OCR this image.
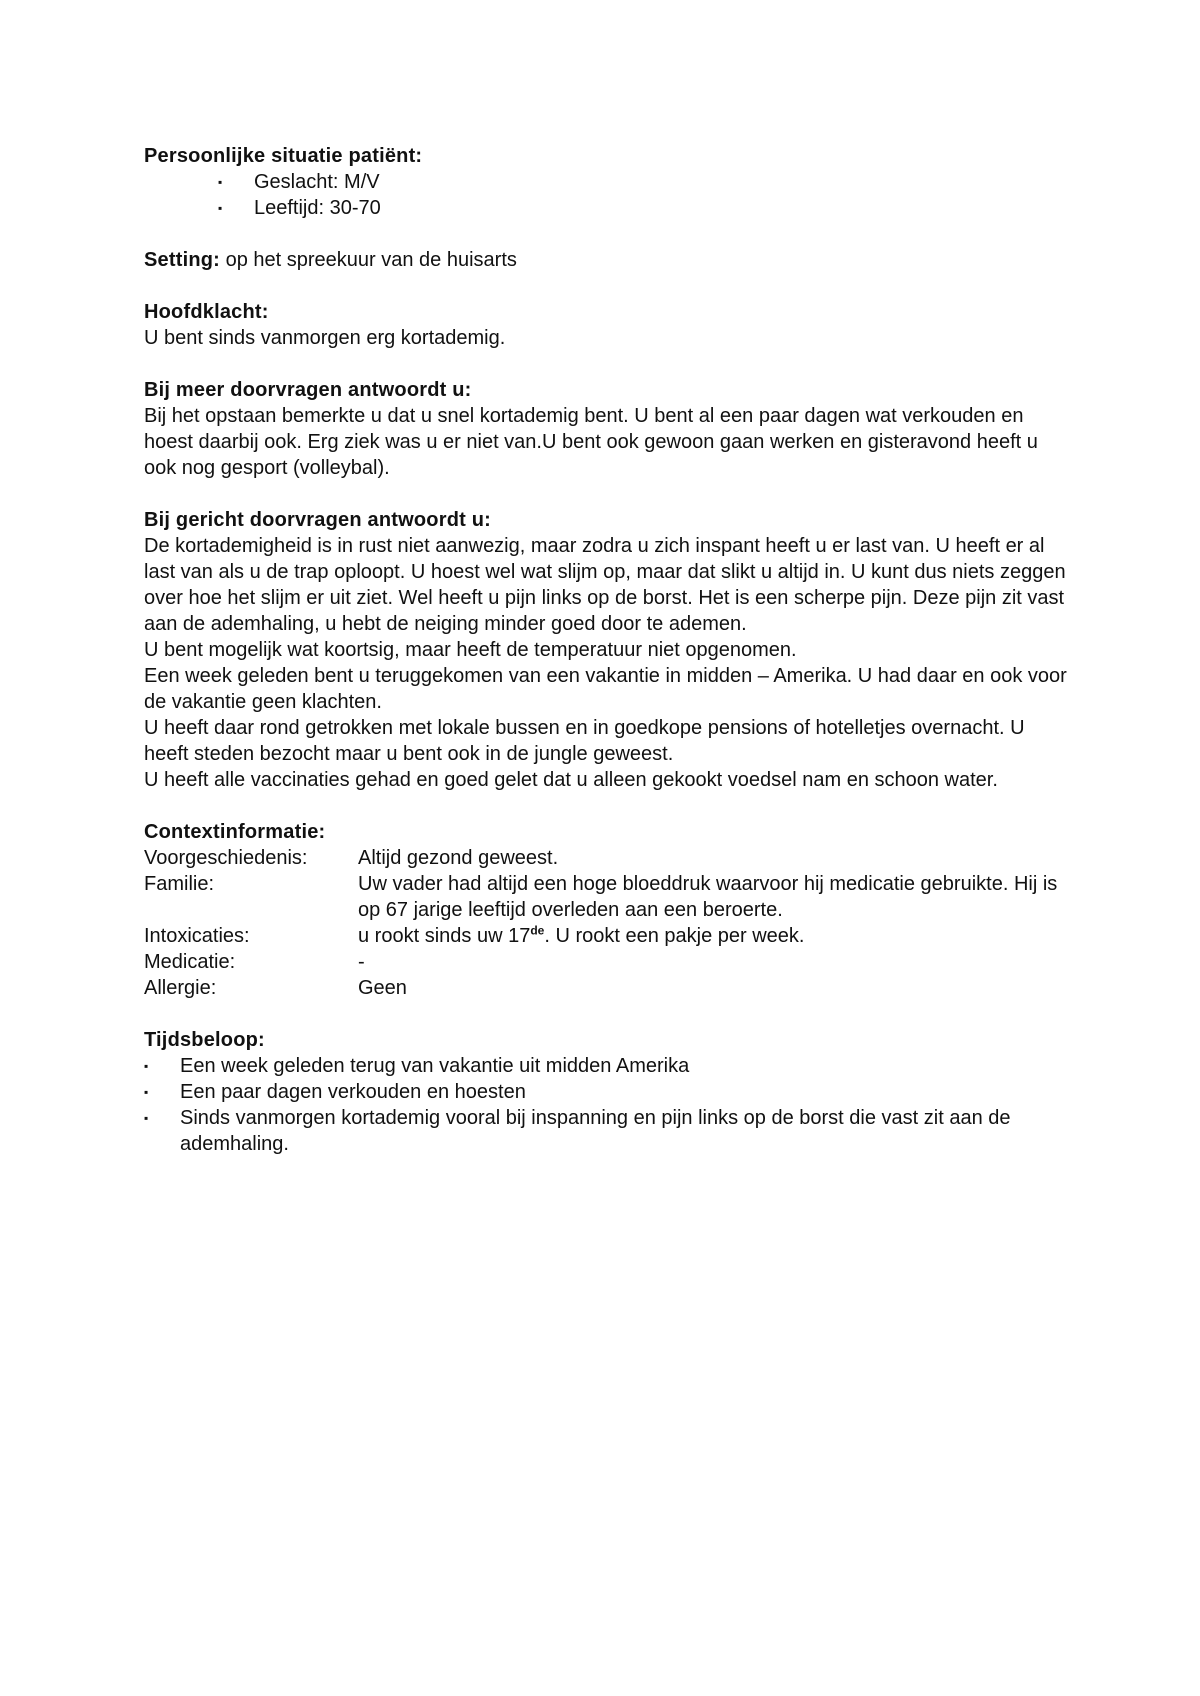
Persoonlijke situatie patiënt:
▪ Geslacht: M/V
▪ Leeftijd: 30-70
Setting: op het spreekuur van de huisarts
Hoofdklacht:

U bent sinds vanmorgen erg kortademig.

Bij meer doorvragen antwoordt u:

Bij het opstaan bemerkte u dat u snel kortademig bent. U bent al een paar dagen wat verkouden en hoest daarbij ook. Erg ziek was u er niet van.U bent ook gewoon gaan werken en gisteravond heeft u ook nog gesport (volleybal).

Bij gericht doorvragen antwoordt u:

De kortademigheid is in rust niet aanwezig, maar zodra u zich inspant heeft u er last van. U heeft er al last van als u de trap oploopt. U hoest wel wat slijm op, maar dat slikt u altijd in. U kunt dus niets zeggen over hoe het slijm er uit ziet. Wel heeft u pijn links op de borst. Het is een scherpe pijn. Deze pijn zit vast aan de ademhaling, u hebt de neiging minder goed door te ademen.

U bent mogelijk wat koortsig, maar heeft de temperatuur niet opgenomen.

Een week geleden bent u teruggekomen van een vakantie in midden – Amerika. U had daar en ook voor de vakantie geen klachten.

U heeft daar rond getrokken met lokale bussen en in goedkope pensions of hotelletjes overnacht. U heeft steden bezocht maar u bent ook in de jungle geweest.

U heeft alle vaccinaties gehad en goed gelet dat u alleen gekookt voedsel nam en schoon water.

Contextinformatie:
Voorgeschiedenis:	Altijd gezond geweest.
Familie:	Uw vader had altijd een hoge bloeddruk waarvoor hij medicatie gebruikte. Hij is op 67 jarige leeftijd overleden aan een beroerte.
Intoxicaties:	u rookt sinds uw 17de. U rookt een pakje per week.
Medicatie:	-
Allergie:	Geen
Tijdsbeloop:
▪ Een week geleden terug van vakantie uit midden Amerika
▪ Een paar dagen verkouden en hoesten
▪ Sinds vanmorgen kortademig vooral bij inspanning en pijn links op de borst die vast zit aan de ademhaling.
